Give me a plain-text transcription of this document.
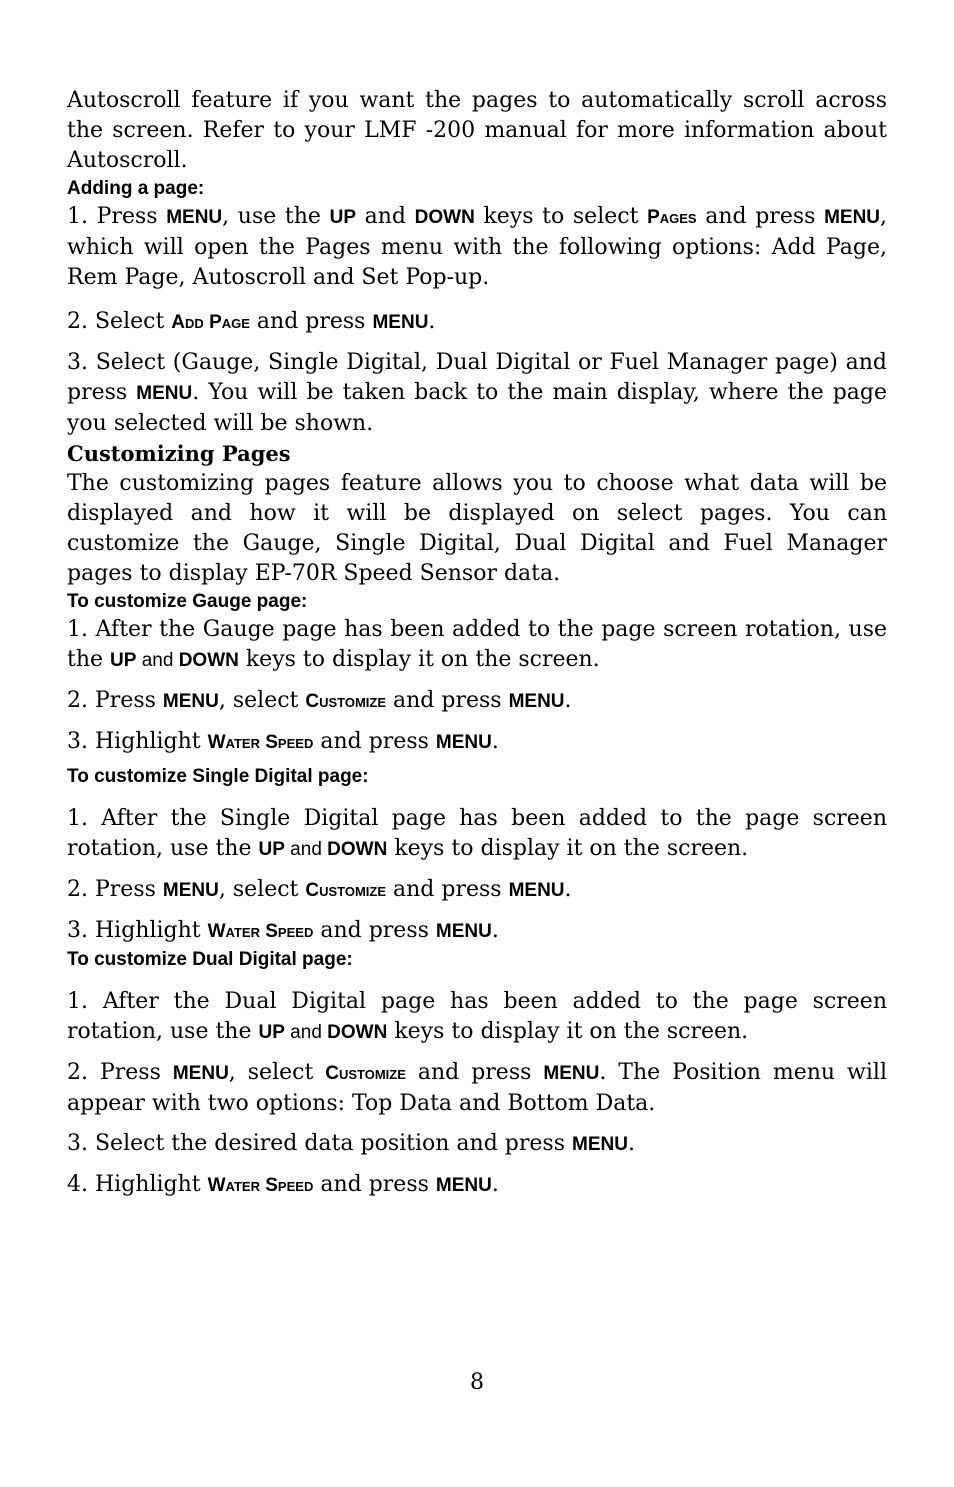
Autoscroll feature if you want the pages to automatically scroll across the screen. Refer to your LMF -200 manual for more information about Autoscroll.

Adding a page:

1. Press MENU, use the UP and DOWN keys to select Pages and press MENU, which will open the Pages menu with the following options: Add Page, Rem Page, Autoscroll and Set Pop-up.

2. Select Add Page and press MENU.

3. Select (Gauge, Single Digital, Dual Digital or Fuel Manager page) and press MENU. You will be taken back to the main display, where the page you selected will be shown.

Customizing Pages

The customizing pages feature allows you to choose what data will be displayed and how it will be displayed on select pages. You can customize the Gauge, Single Digital, Dual Digital and Fuel Manager pages to display EP-70R Speed Sensor data.

To customize Gauge page:

1. After the Gauge page has been added to the page screen rotation, use the UP and DOWN keys to display it on the screen.

2. Press MENU, select Customize and press MENU.

3. Highlight Water Speed and press MENU.

To customize Single Digital page:

1. After the Single Digital page has been added to the page screen rotation, use the UP and DOWN keys to display it on the screen.

2. Press MENU, select Customize and press MENU.

3. Highlight Water Speed and press MENU.

To customize Dual Digital page:

1. After the Dual Digital page has been added to the page screen rotation, use the UP and DOWN keys to display it on the screen.

2. Press MENU, select Customize and press MENU. The Position menu will appear with two options: Top Data and Bottom Data.

3. Select the desired data position and press MENU.

4. Highlight Water Speed and press MENU.

8
